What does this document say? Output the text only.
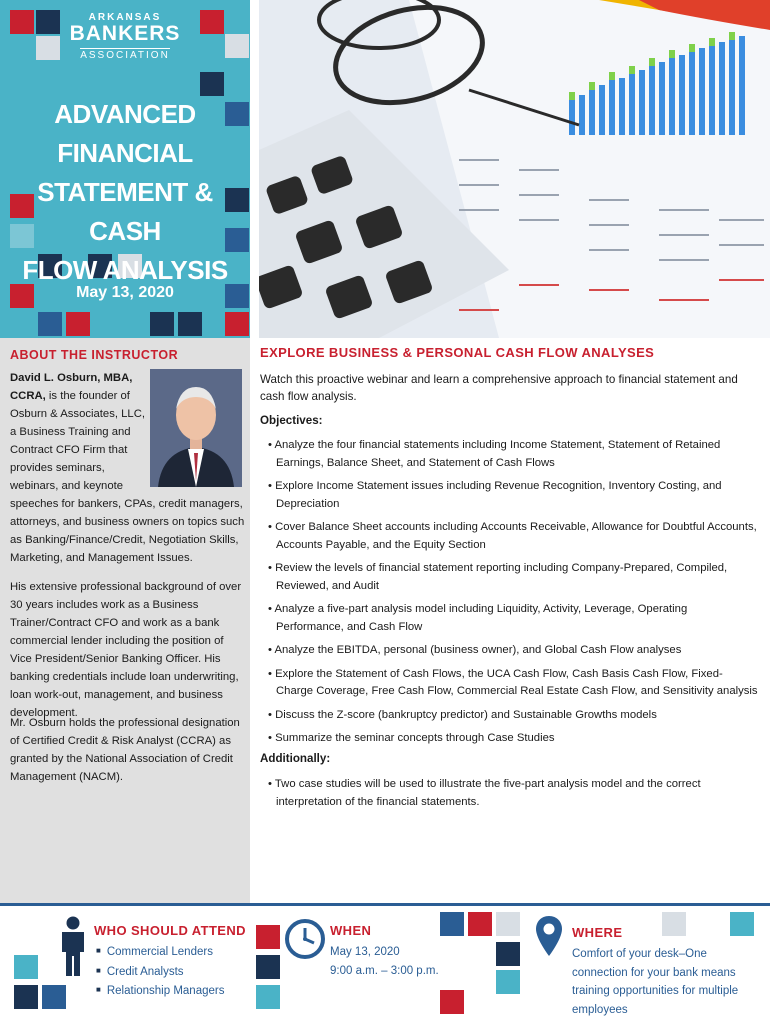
ARKANSAS
BANKERS
ASSOCIATION
ADVANCED
FINANCIAL
STATEMENT & CASH
FLOW ANALYSIS
May 13, 2020
ABOUT THE INSTRUCTOR
David L. Osburn, MBA, CCRA, is the founder of Osburn & Associates, LLC, a Business Training and Contract CFO Firm that provides seminars, webinars, and keynote speeches for bankers, CPAs, credit managers, attorneys, and business owners on topics such as Banking/Finance/Credit, Negotiation Skills, Marketing, and Management Issues.
His extensive professional background of over 30 years includes work as a Business Trainer/Contract CFO and work as a bank commercial lender including the position of Vice President/Senior Banking Officer. His banking credentials include loan underwriting, loan work-out, management, and business development.
Mr. Osburn holds the professional designation of Certified Credit & Risk Analyst (CCRA) as granted by the National Association of Credit Management (NACM).
EXPLORE BUSINESS & PERSONAL CASH FLOW ANALYSES
Watch this proactive webinar and learn a comprehensive approach to financial statement and cash flow analysis.
Objectives:
• Analyze the four financial statements including Income Statement, Statement of Retained Earnings, Balance Sheet, and Statement of Cash Flows
• Explore Income Statement issues including Revenue Recognition, Inventory Costing, and Depreciation
• Cover Balance Sheet accounts including Accounts Receivable, Allowance for Doubtful Accounts, Accounts Payable, and the Equity Section
• Review the levels of financial statement reporting including Company-Prepared, Compiled, Reviewed, and Audit
• Analyze a five-part analysis model including Liquidity, Activity, Leverage, Operating Performance, and Cash Flow
• Analyze the EBITDA, personal (business owner), and Global Cash Flow analyses
• Explore the Statement of Cash Flows, the UCA Cash Flow, Cash Basis Cash Flow, Fixed-Charge Coverage, Free Cash Flow, Commercial Real Estate Cash Flow, and Sensitivity analysis
• Discuss the Z-score (bankruptcy predictor) and Sustainable Growths models
• Summarize the seminar concepts through Case Studies
Additionally:
• Two case studies will be used to illustrate the five-part analysis model and the correct interpretation of the financial statements.
WHO SHOULD ATTEND
■ Commercial Lenders
■ Credit Analysts
■ Relationship Managers
WHEN
May 13, 2020
9:00 a.m. – 3:00 p.m.
WHERE
Comfort of your desk–One connection for your bank means training opportunities for multiple employees
